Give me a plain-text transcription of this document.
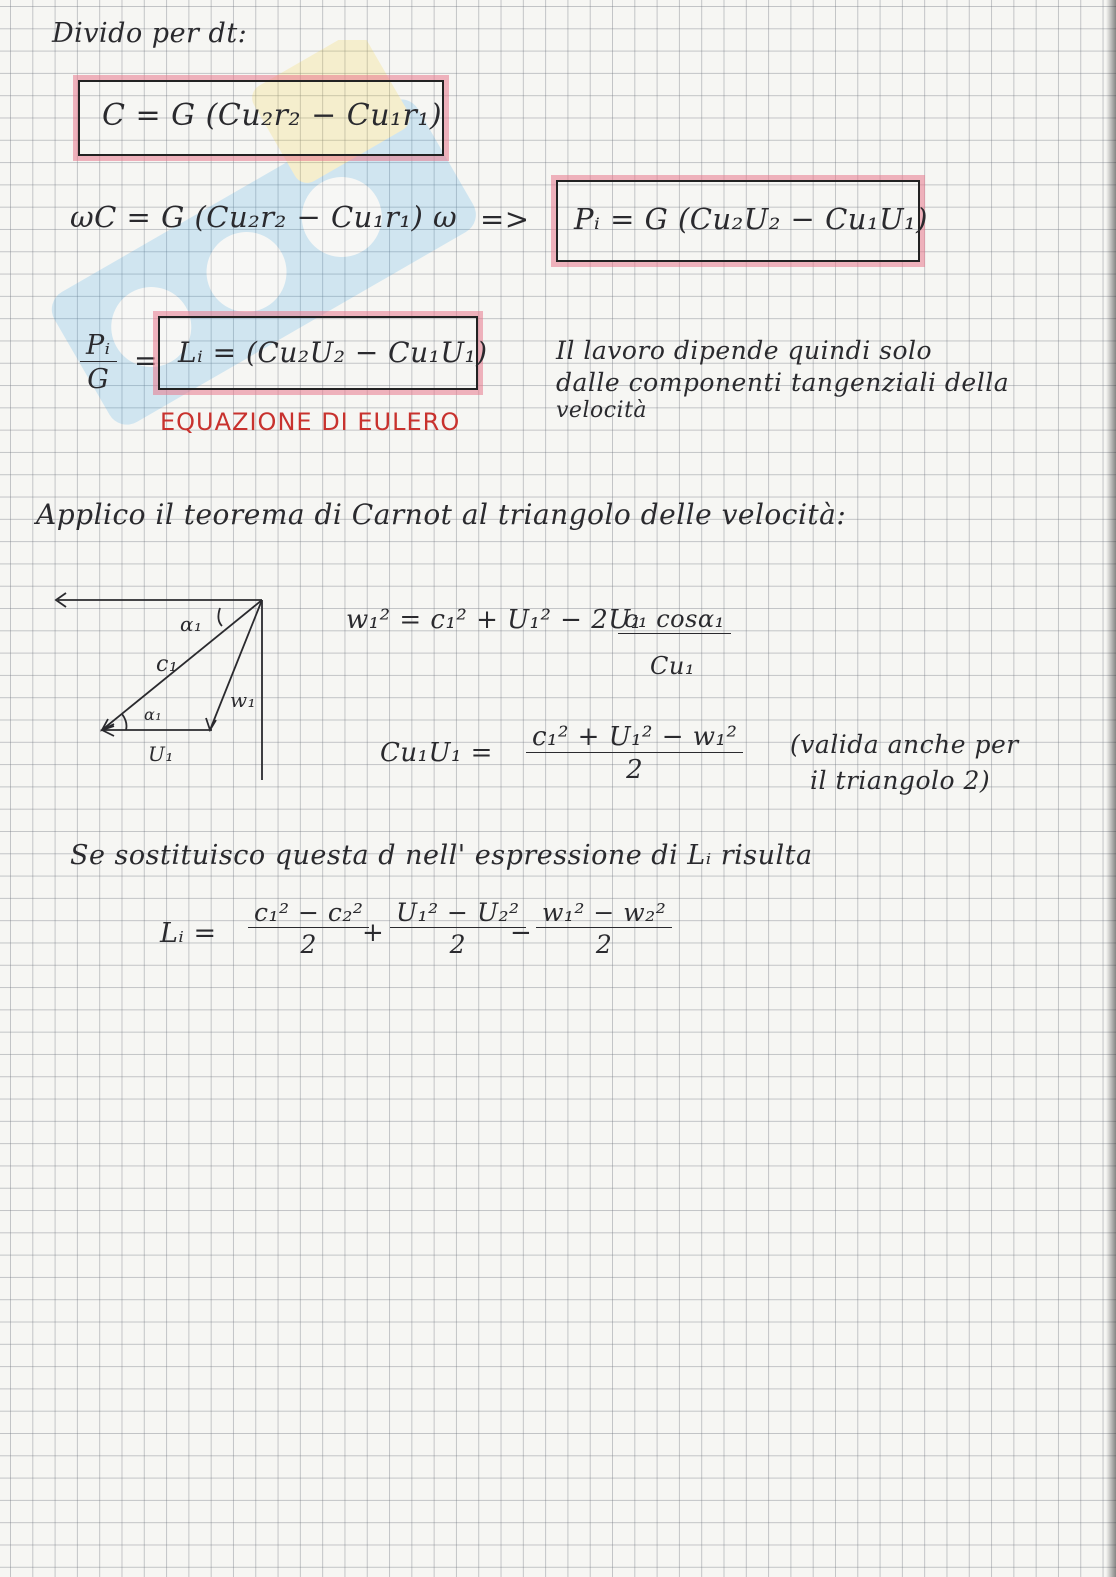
Divido per dt:
C = G (Cu₂r₂ − Cu₁r₁)
ωC = G (Cu₂r₂ − Cu₁r₁) ω => Pᵢ = G (Cu₂U₂ − Cu₁U₁)
$\frac{\text{Pᵢ}}{G}$ = Lᵢ = (Cu₂U₂ − Cu₁U₁)
EQUAZIONE DI EULERO
Il lavoro dipende quindi solo
dalle componenti tangenziali della
velocità
Applico il teorema di Carnot al triangolo delle velocità:
α₁
c₁
w₁
α₁
U₁
w₁² = c₁² + U₁² − 2U₁
c₁ cosα₁
Cu₁
$Cu_1U_1 = \frac{\text{c₁² + U₁² − w₁²}}{2}$ (valida anche per
il triangolo 2)
Se sostituisco questa d nell' espressione di Lᵢ risulta
Lᵢ = $\frac{\text{c₁² − c₂²}}{2}$
+ $\frac{\text{U₁² − U₂²}}{2}$
− $\frac{\text{w₁² − w₂²}}{2}$
